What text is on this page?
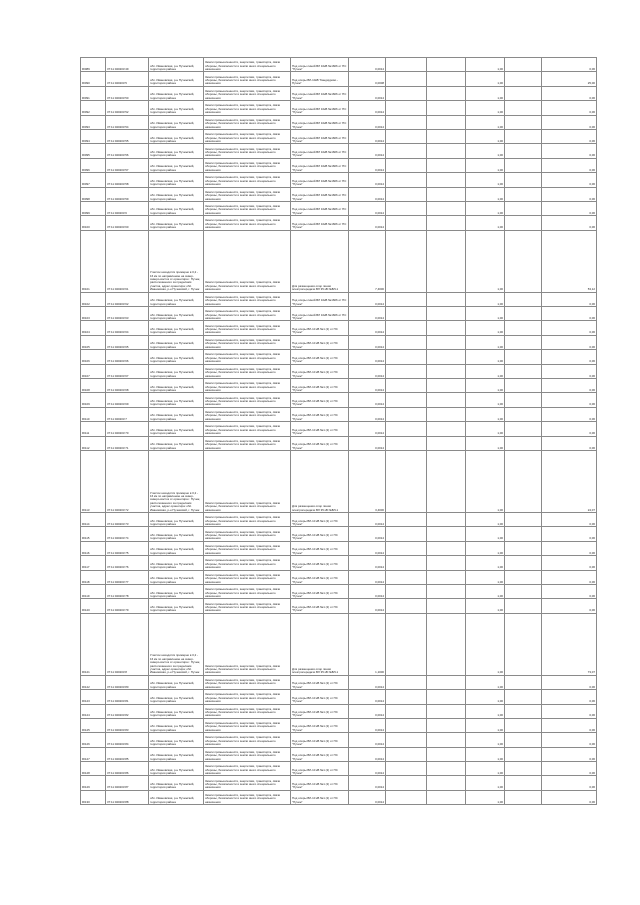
RI089	37:11:040203:49	обл. Ивановская, р-н Пучежский, территория района	Земли промышленности, энергетики, транспорта, связи обороны, безопасности и земли иного специального назначения	Под опоры линий ВЛ 10кВ №1606 от ПС "Пучеж"	0,0014			1,00		0,06
RI090	37:11:040203:5	обл. Ивановская, р-н Пучежский, территория района	Земли промышленности, энергетики, транспорта, связи обороны, безопасности и земли иного специального назначения	Под опоры ВЛ-10кВ "Кандаурово - Пучеж"	0,0008			1,00		25,00
RI091	37:11:040203:50	обл. Ивановская, р-н Пучежский, территория района	Земли промышленности, энергетики, транспорта, связи обороны, безопасности и земли иного специального назначения	Под опоры линий ВЛ 10кВ №1606 от ПС "Пучеж"	0,0014			1,00		0,06
RI092	37:11:040203:52	обл. Ивановская, р-н Пучежский, территория района	Земли промышленности, энергетики, транспорта, связи обороны, безопасности и земли иного специального назначения	Под опоры линий ВЛ 10кВ №1606 от ПС "Пучеж"	0,0014			1,00		0,06
RI093	37:11:040203:54	обл. Ивановская, р-н Пучежский, территория района	Земли промышленности, энергетики, транспорта, связи обороны, безопасности и земли иного специального назначения	Под опоры линий ВЛ 10кВ №1606 от ПС "Пучеж"	0,0014			1,00		0,06
RI094	37:11:040203:55	обл. Ивановская, р-н Пучежский, территория района	Земли промышленности, энергетики, транспорта, связи обороны, безопасности и земли иного специального назначения	Под опоры линий ВЛ 10кВ №1606 от ПС "Пучеж"	0,0014			1,00		0,06
RI095	37:11:040203:56	обл. Ивановская, р-н Пучежский, территория района	Земли промышленности, энергетики, транспорта, связи обороны, безопасности и земли иного специального назначения	Под опоры линий ВЛ 10кВ №1606 от ПС "Пучеж"	0,0014			1,00		0,06
RI096	37:11:040203:57	обл. Ивановская, р-н Пучежский, территория района	Земли промышленности, энергетики, транспорта, связи обороны, безопасности и земли иного специального назначения	Под опоры линий ВЛ 10кВ №1606 от ПС "Пучеж"	0,0014			1,00		0,06
RI097	37:11:040203:58	обл. Ивановская, р-н Пучежский, территория района	Земли промышленности, энергетики, транспорта, связи обороны, безопасности и земли иного специального назначения	Под опоры линий ВЛ 10кВ №1606 от ПС "Пучеж"	0,0014			1,00		0,06
RI098	37:11:040203:59	обл. Ивановская, р-н Пучежский, территория района	Земли промышленности, энергетики, транспорта, связи обороны, безопасности и земли иного специального назначения	Под опоры линий ВЛ 10кВ №1606 от ПС "Пучеж"	0,0014			1,00		0,06
RI099	37:11:040203:6	обл. Ивановская, р-н Пучежский, территория района	Земли промышленности, энергетики, транспорта, связи обороны, безопасности и земли иного специального назначения	Под опоры линий ВЛ 10кВ №1606 от ПС "Пучеж"	0,0014			1,00		0,06
RI100	37:11:040203:60	обл. Ивановская, р-н Пучежский, территория района	Земли промышленности, энергетики, транспорта, связи обороны, безопасности и земли иного специального назначения	Под опоры линий ВЛ 10кВ №1606 от ПС "Пучеж"	0,0014			1,00		0,06
RI101	37:11:040203:61	Участок находится примерно в 0,2 - 16 км по направлению на север-северо-восток от ориентира г. Пучеж, расположенного за пределами участка, адрес ориентира: обл. Ивановская, р-н Пучежский, г. Пучеж	Земли промышленности, энергетики, транспорта, связи обороны, безопасности и земли иного специального назначения	Для размещения опор линии электропередачи ВЛ 35 кВ №ВЛ-1	7,4000			1,00		53,12
RI102	37:11:040203:62	обл. Ивановская, р-н Пучежский, территория района	Земли промышленности, энергетики, транспорта, связи обороны, безопасности и земли иного специального назначения	Под опоры линий ВЛ 10кВ №1606 от ПС "Пучеж"	0,0014			1,00		0,06
RI103	37:11:040203:63	обл. Ивановская, р-н Пучежский, территория района	Земли промышленности, энергетики, транспорта, связи обороны, безопасности и земли иного специального назначения	Под опоры линий ВЛ 10кВ №1606 от ПС "Пучеж"	0,0014			1,00		0,06
RI104	37:11:040203:64	обл. Ивановская, р-н Пучежский, территория района	Земли промышленности, энергетики, транспорта, связи обороны, безопасности и земли иного специального назначения	Под опоры ВЛ-10 кВ №1 (2) от ПС "Пучеж"	0,0014			1,00		0,06
RI105	37:11:040203:65	обл. Ивановская, р-н Пучежский, территория района	Земли промышленности, энергетики, транспорта, связи обороны, безопасности и земли иного специального назначения	Под опоры ВЛ-10 кВ №1 (2) от ПС "Пучеж"	0,0014			1,00		0,06
RI106	37:11:040203:66	обл. Ивановская, р-н Пучежский, территория района	Земли промышленности, энергетики, транспорта, связи обороны, безопасности и земли иного специального назначения	Под опоры ВЛ-10 кВ №1 (2) от ПС "Пучеж"	0,0014			1,00		0,06
RI107	37:11:040203:67	обл. Ивановская, р-н Пучежский, территория района	Земли промышленности, энергетики, транспорта, связи обороны, безопасности и земли иного специального назначения	Под опоры ВЛ-10 кВ №1 (2) от ПС "Пучеж"	0,0014			1,00		0,06
RI108	37:11:040203:68	обл. Ивановская, р-н Пучежский, территория района	Земли промышленности, энергетики, транспорта, связи обороны, безопасности и земли иного специального назначения	Под опоры ВЛ-10 кВ №1 (2) от ПС "Пучеж"	0,0014			1,00		0,06
RI109	37:11:040203:69	обл. Ивановская, р-н Пучежский, территория района	Земли промышленности, энергетики, транспорта, связи обороны, безопасности и земли иного специального назначения	Под опоры ВЛ-10 кВ №1 (2) от ПС "Пучеж"	0,0014			1,00		0,06
RI110	37:11:040203:7	обл. Ивановская, р-н Пучежский, территория района	Земли промышленности, энергетики, транспорта, связи обороны, безопасности и земли иного специального назначения	Под опоры ВЛ-10 кВ №1 (2) от ПС "Пучеж"	0,0014			1,00		0,06
RI111	37:11:040203:70	обл. Ивановская, р-н Пучежский, территория района	Земли промышленности, энергетики, транспорта, связи обороны, безопасности и земли иного специального назначения	Под опоры ВЛ-10 кВ №1 (2) от ПС "Пучеж"	0,0014			1,00		0,06
RI112	37:11:040203:71	обл. Ивановская, р-н Пучежский, территория района	Земли промышленности, энергетики, транспорта, связи обороны, безопасности и земли иного специального назначения	Под опоры ВЛ-10 кВ №1 (2) от ПС "Пучеж"	0,0014			1,00		0,06
RI113	37:11:040203:72	Участок находится примерно в 0,2 - 16 км по направлению на север-северо-восток от ориентира г. Пучеж, расположенного за пределами участка, адрес ориентира: обл. Ивановская, р-н Пучежский, г. Пучеж	Земли промышленности, энергетики, транспорта, связи обороны, безопасности и земли иного специального назначения	Для размещения опор линии электропередачи ВЛ 35 кВ №ВЛ-1	3,4000			1,00		24,07
RI114	37:11:040203:73	обл. Ивановская, р-н Пучежский, территория района	Земли промышленности, энергетики, транспорта, связи обороны, безопасности и земли иного специального назначения	Под опоры ВЛ-10 кВ №1 (2) от ПС "Пучеж"	0,0014			1,00		0,06
RI115	37:11:040203:74	обл. Ивановская, р-н Пучежский, территория района	Земли промышленности, энергетики, транспорта, связи обороны, безопасности и земли иного специального назначения	Под опоры ВЛ-10 кВ №1 (2) от ПС "Пучеж"	0,0014			1,00		0,06
RI116	37:11:040203:75	обл. Ивановская, р-н Пучежский, территория района	Земли промышленности, энергетики, транспорта, связи обороны, безопасности и земли иного специального назначения	Под опоры ВЛ-10 кВ №1 (2) от ПС "Пучеж"	0,0014			1,00		0,06
RI117	37:11:040203:76	обл. Ивановская, р-н Пучежский, территория района	Земли промышленности, энергетики, транспорта, связи обороны, безопасности и земли иного специального назначения	Под опоры ВЛ-10 кВ №1 (2) от ПС "Пучеж"	0,0014			1,00		0,06
RI118	37:11:040203:77	обл. Ивановская, р-н Пучежский, территория района	Земли промышленности, энергетики, транспорта, связи обороны, безопасности и земли иного специального назначения	Под опоры ВЛ-10 кВ №1 (2) от ПС "Пучеж"	0,0014			1,00		0,06
RI119	37:11:040203:78	обл. Ивановская, р-н Пучежский, территория района	Земли промышленности, энергетики, транспорта, связи обороны, безопасности и земли иного специального назначения	Под опоры ВЛ-10 кВ №1 (2) от ПС "Пучеж"	0,0014			1,00		0,06
RI120	37:11:040203:79	обл. Ивановская, р-н Пучежский, территория района	Земли промышленности, энергетики, транспорта, связи обороны, безопасности и земли иного специального назначения	Под опоры ВЛ-10 кВ №1 (2) от ПС "Пучеж"	0,0014			1,00		0,06
RI121	37:11:040203:8	Участок находится примерно в 0,2 - 16 км по направлению на север-северо-восток от ориентира г. Пучеж, расположенного за пределами участка, адрес ориентира: обл. Ивановская, р-н Пучежский, г. Пучеж	Земли промышленности, энергетики, транспорта, связи обороны, безопасности и земли иного специального назначения	Для размещения опор линии электропередачи ВЛ 35 кВ №ВЛ-1	1,1000			1,00		73,07
RI122	37:11:040203:80	обл. Ивановская, р-н Пучежский, территория района	Земли промышленности, энергетики, транспорта, связи обороны, безопасности и земли иного специального назначения	Под опоры ВЛ-10 кВ №1 (2) от ПС "Пучеж"	0,0014			1,00		0,06
RI123	37:11:040203:81	обл. Ивановская, р-н Пучежский, территория района	Земли промышленности, энергетики, транспорта, связи обороны, безопасности и земли иного специального назначения	Под опоры ВЛ-10 кВ №1 (2) от ПС "Пучеж"	0,0014			1,00		0,06
RI124	37:11:040203:82	обл. Ивановская, р-н Пучежский, территория района	Земли промышленности, энергетики, транспорта, связи обороны, безопасности и земли иного специального назначения	Под опоры ВЛ-10 кВ №1 (2) от ПС "Пучеж"	0,0014			1,00		0,06
RI125	37:11:040203:83	обл. Ивановская, р-н Пучежский, территория района	Земли промышленности, энергетики, транспорта, связи обороны, безопасности и земли иного специального назначения	Под опоры ВЛ-10 кВ №1 (2) от ПС "Пучеж"	0,0014			1,00		0,06
RI126	37:11:040203:84	обл. Ивановская, р-н Пучежский, территория района	Земли промышленности, энергетики, транспорта, связи обороны, безопасности и земли иного специального назначения	Под опоры ВЛ-10 кВ №1 (2) от ПС "Пучеж"	0,0014			1,00		0,06
RI127	37:11:040203:85	обл. Ивановская, р-н Пучежский, территория района	Земли промышленности, энергетики, транспорта, связи обороны, безопасности и земли иного специального назначения	Под опоры ВЛ-10 кВ №1 (2) от ПС "Пучеж"	0,0014			1,00		0,06
RI128	37:11:040203:86	обл. Ивановская, р-н Пучежский, территория района	Земли промышленности, энергетики, транспорта, связи обороны, безопасности и земли иного специального назначения	Под опоры ВЛ-10 кВ №1 (2) от ПС "Пучеж"	0,0014			1,00		0,06
RI129	37:11:040203:87	обл. Ивановская, р-н Пучежский, территория района	Земли промышленности, энергетики, транспорта, связи обороны, безопасности и земли иного специального назначения	Под опоры ВЛ-10 кВ №1 (2) от ПС "Пучеж"	0,0014			1,00		0,06
RI130	37:11:040203:88	обл. Ивановская, р-н Пучежский, территория района	Земли промышленности, энергетики, транспорта, связи обороны, безопасности и земли иного специального назначения	Под опоры ВЛ-10 кВ №1 (2) от ПС "Пучеж"	0,0014			1,00		0,06
